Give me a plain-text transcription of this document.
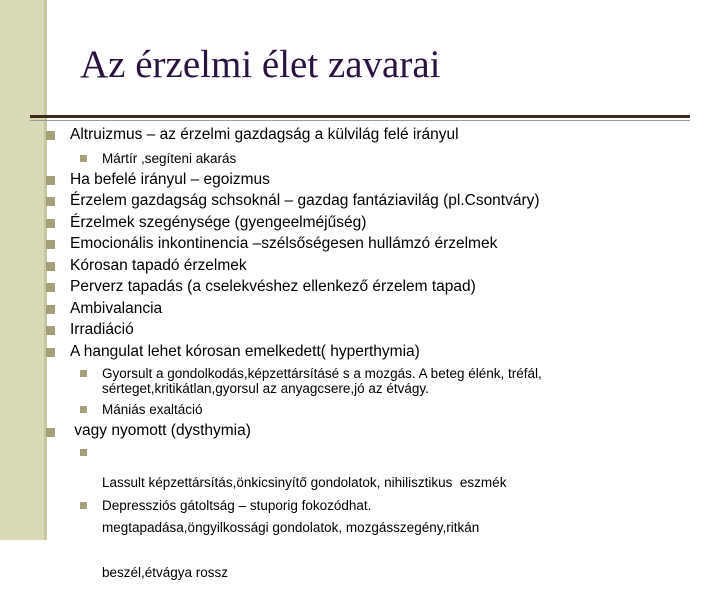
Az érzelmi élet zavarai
Altruizmus – az érzelmi gazdagság a külvilág felé irányul
Mártír ,segíteni akarás
Ha befelé irányul – egoizmus
Érzelem gazdagság schsoknál – gazdag fantáziavilág (pl.Csontváry)
Érzelmek szegénysége (gyengeelméjűség)
Emocionális inkontinencia –szélsőségesen hullámzó érzelmek
Kórosan tapadó érzelmek
Perverz tapadás (a cselekvéshez ellenkező érzelem tapad)
Ambivalancia
Irradiáció
A hangulat lehet kórosan emelkedett( hyperthymia)
Gyorsult a gondolkodás,képzettársításé s a mozgás. A beteg élénk, tréfál,
sérteget,kritikátlan,gyorsul az anyagcsere,jó az étvágy.
Mániás exaltáció
vagy nyomott (dysthymia)

Lassult képzettársítás,önkicsinyítő gondolatok, nihilisztikus  eszmék

megtapadása,öngyilkossági gondolatok, mozgásszegény,ritkán

beszél,étvágya rossz

Depressziós gátoltság – stuporig fokozódhat.
